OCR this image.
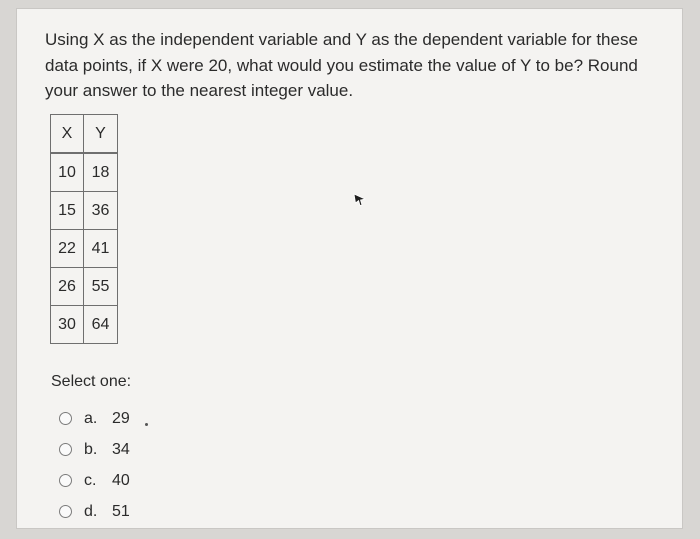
Using X as the independent variable and Y as the dependent variable for these data points, if X were 20, what would you estimate the value of Y to be? Round your answer to the nearest integer value.

X	Y
10	18
15	36
22	41
26	55
30	64
Select one:
a. 29
b. 34
c. 40
d. 51
